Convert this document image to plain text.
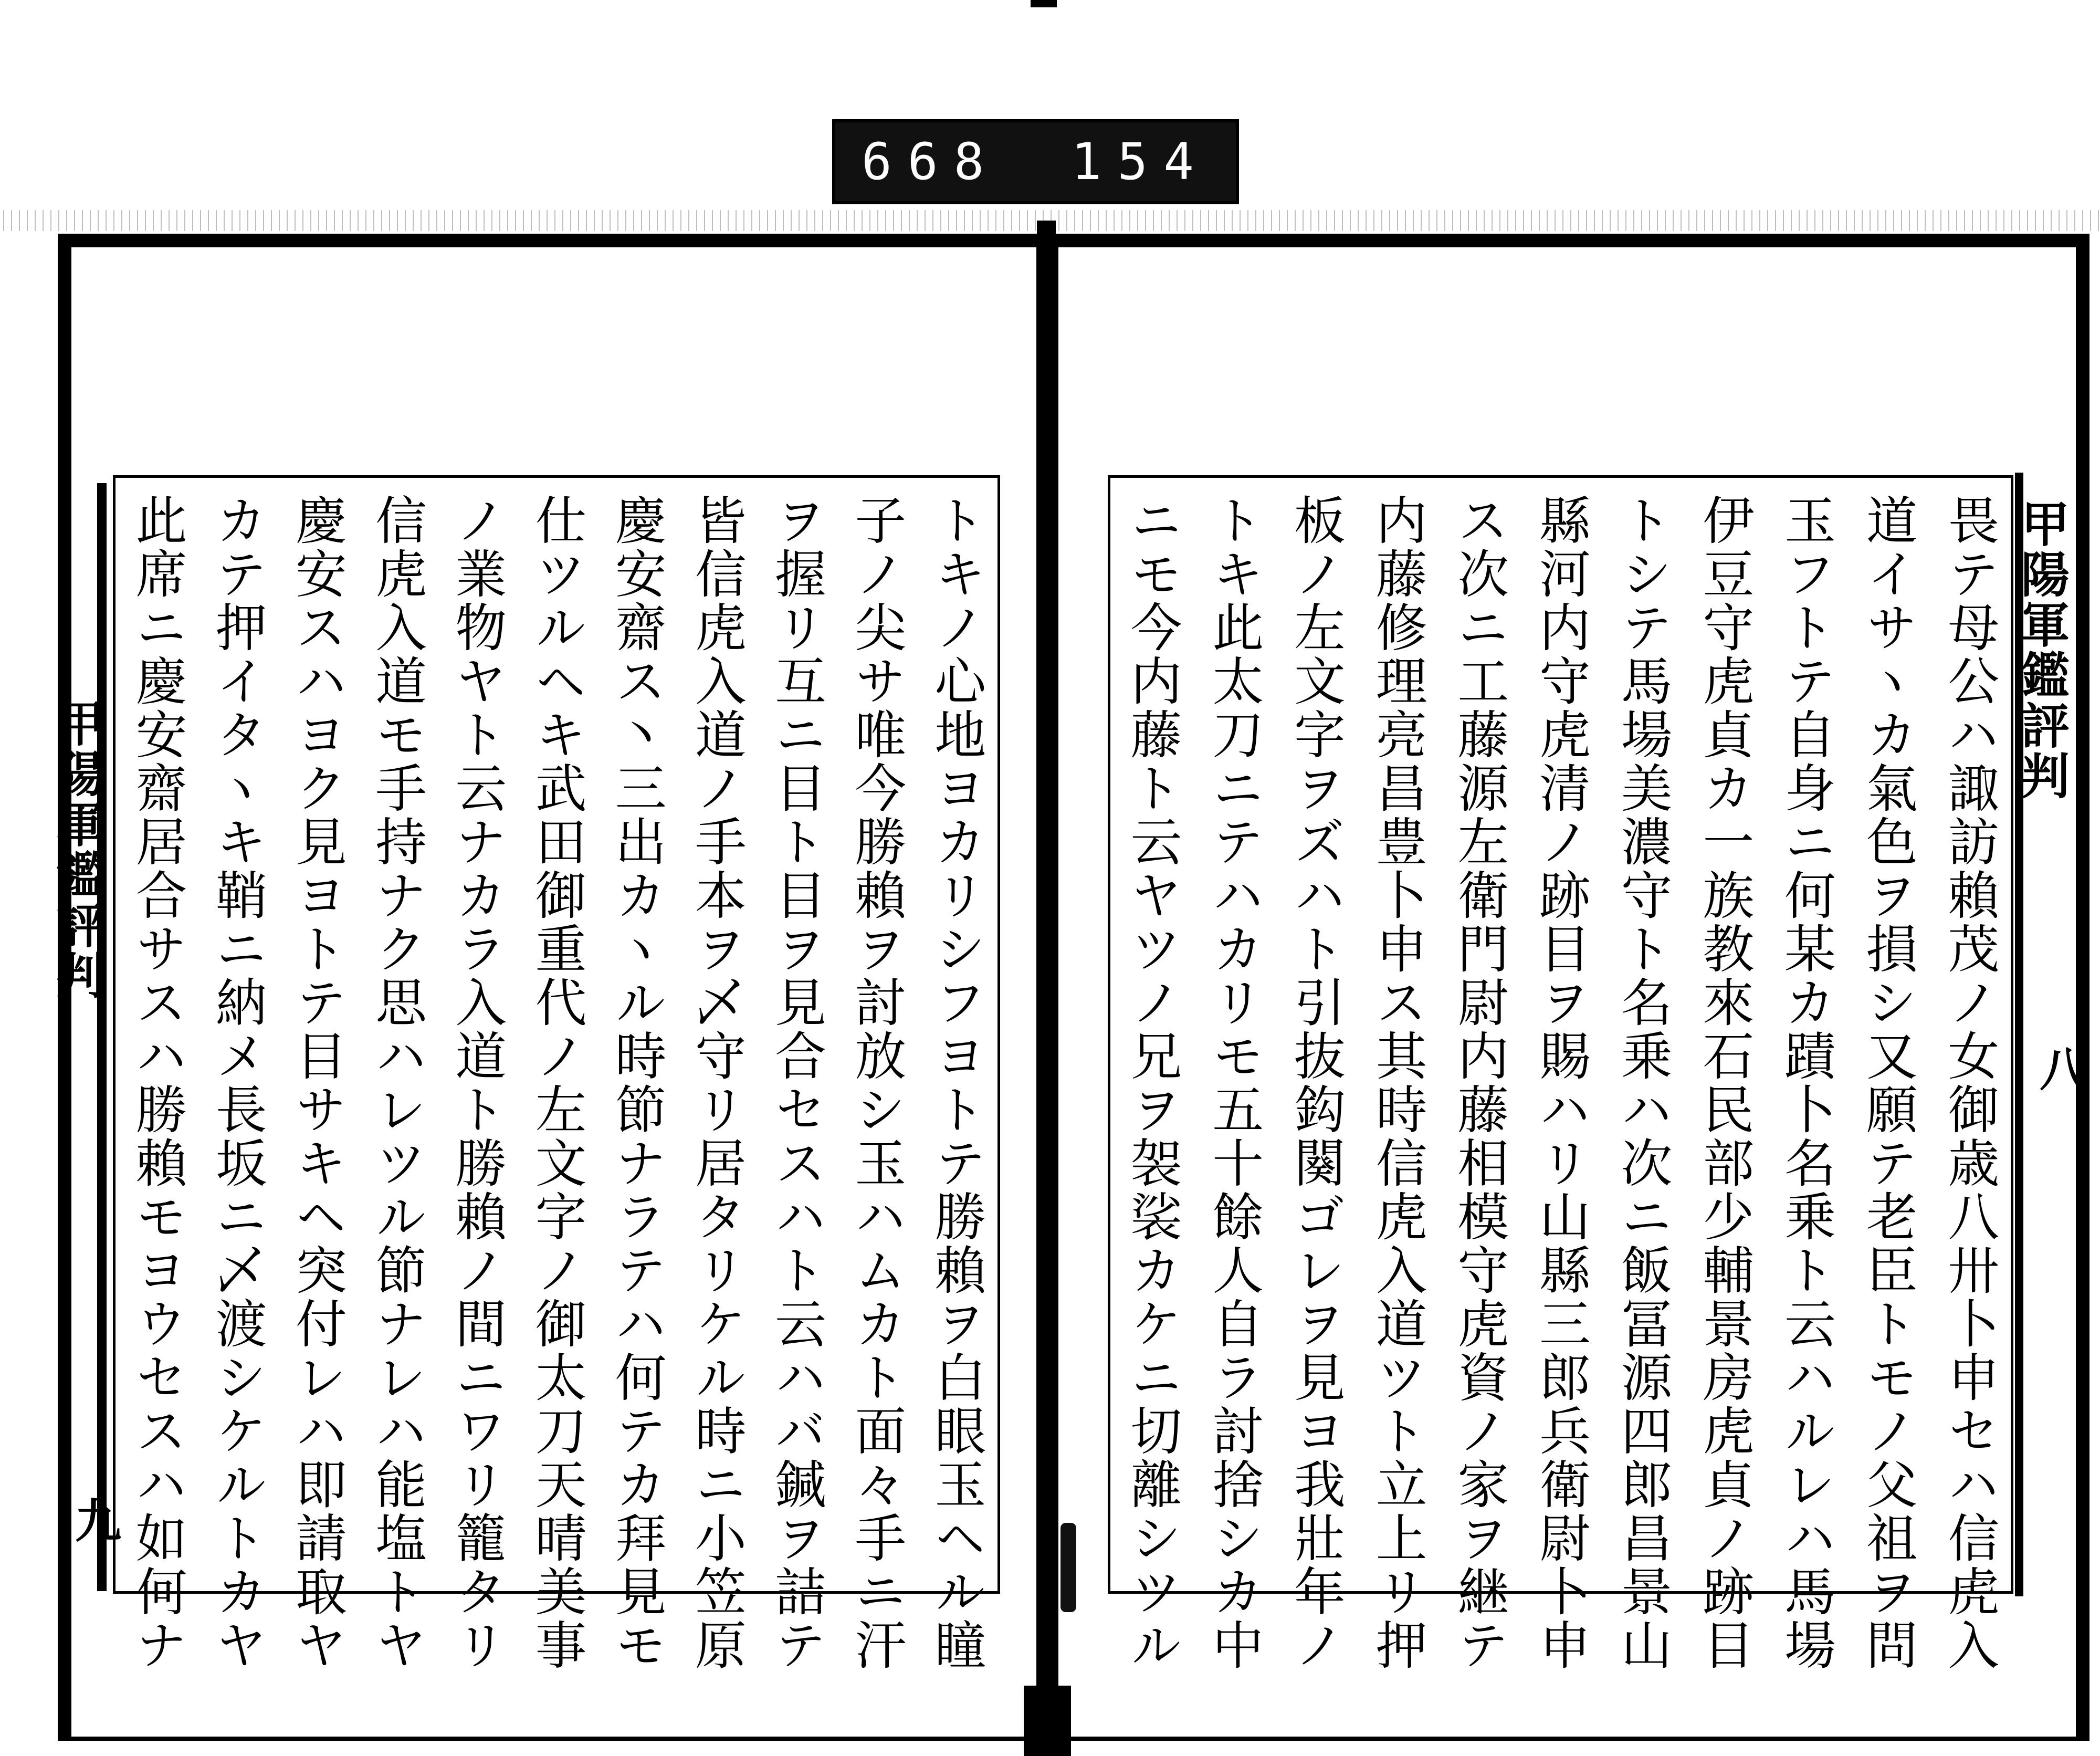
668 154
畏テ母公ハ諏訪賴茂ノ女御歳八卅卜申セハ信虎入
道イサヽカ氣色ヲ損シ又願テ老臣トモノ父祖ヲ問
玉フトテ自身ニ何某カ蹟卜名乗ト云ハルレハ馬場
伊豆守虎貞カ一族教來石民部少輔景房虎貞ノ跡目
トシテ馬場美濃守ト名乗ハ次ニ飯冨源四郎昌景山
縣河内守虎清ノ跡目ヲ賜ハリ山縣三郎兵衛尉卜申
ス次ニ工藤源左衛門尉内藤相模守虎資ノ家ヲ継テ
内藤修理亮昌豊卜申ス其時信虎入道ツト立上リ押
板ノ左文字ヲズハト引抜鈎闋ゴレヲ見ヨ我壯年ノ
トキ此太刀ニテハカリモ五十餘人自ラ討捨シカ中
ニモ今内藤ト云ヤツノ兄ヲ袈裟カケニ切離シツル	甲陽軍鑑評判
八
トキノ心地ヨカリシフヨトテ勝賴ヲ白眼玉ヘル瞳
子ノ尖サ唯今勝賴ヲ討放シ玉ハムカト面々手ニ汗
ヲ握リ互ニ目ト目ヲ見合セスハト云ハバ鍼ヲ詰テ
皆信虎入道ノ手本ヲ乄守リ居タリケル時ニ小笠原
慶安齋ス丶三出カヽル時節ナラテハ何テカ拜見モ
仕ツルヘキ武田御重代ノ左文字ノ御太刀天晴美事
ノ業物ヤト云ナカラ入道ト勝賴ノ間ニワリ籠タリ
信虎入道モ手持ナク思ハレツル節ナレハ能塩トヤ
慶安スハヨク見ヨトテ目サキヘ突付レハ即請取ヤ
カテ押イタヽキ鞘ニ納メ長坂ニ乄渡シケルトカヤ
此席ニ慶安齋居合サスハ勝賴モヨウセスハ如何ナ
甲陽軍鑑評判
九
